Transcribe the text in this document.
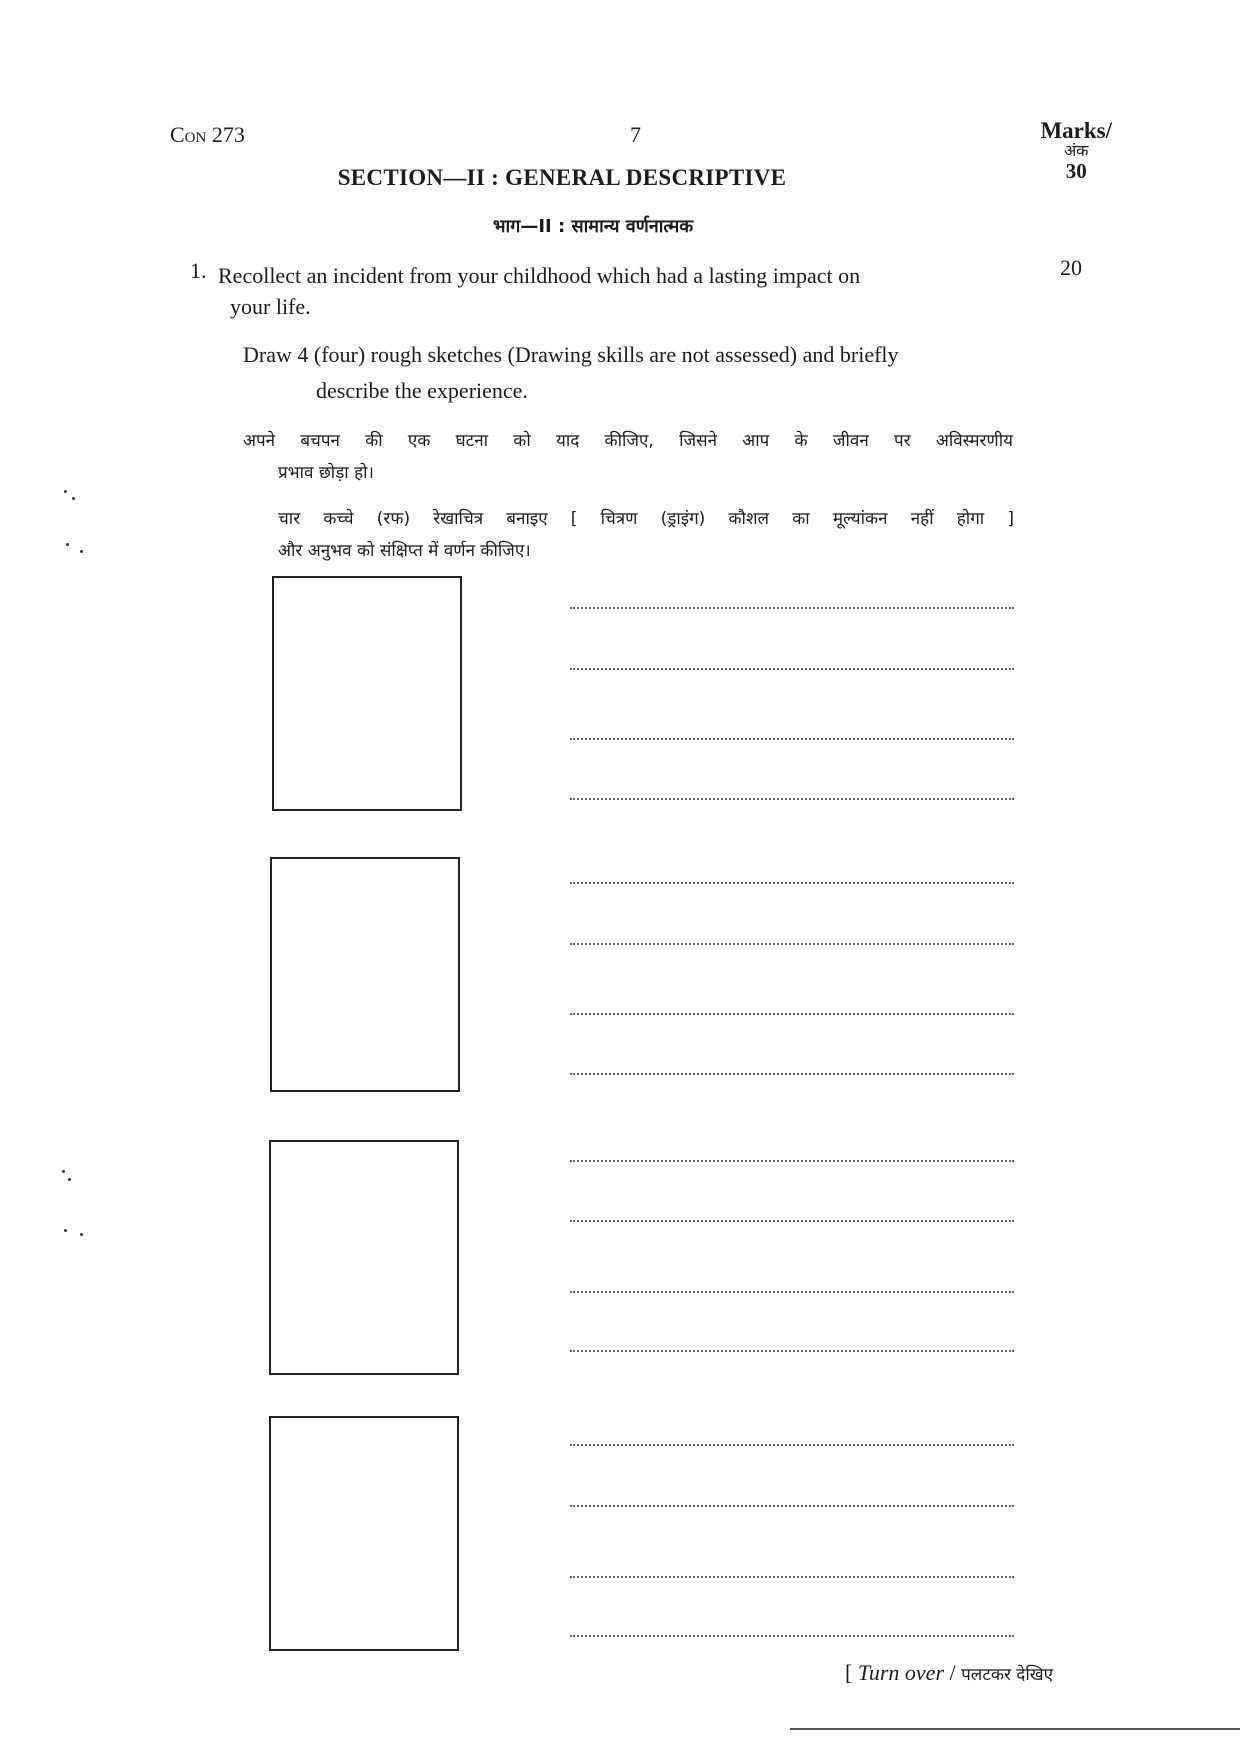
Con 273	7	Marks/
अंक
30
SECTION—II : GENERAL DESCRIPTIVE
भाग—II : सामान्य वर्णनात्मक
1. Recollect an incident from your childhood which had a lasting impact on
your life.
20
Draw 4 (four) rough sketches (Drawing skills are not assessed) and briefly
describe the experience.
अपने बचपन की एक घटना को याद कीजिए, जिसने आप के जीवन पर अविस्मरणीय
प्रभाव छोड़ा हो।
चार कच्चे (रफ) रेखाचित्र बनाइए [ चित्रण (ड्राइंग) कौशल का मूल्यांकन नहीं होगा ]
और अनुभव को संक्षिप्त में वर्णन कीजिए।
[ Turn over / पलटकर देखिए
